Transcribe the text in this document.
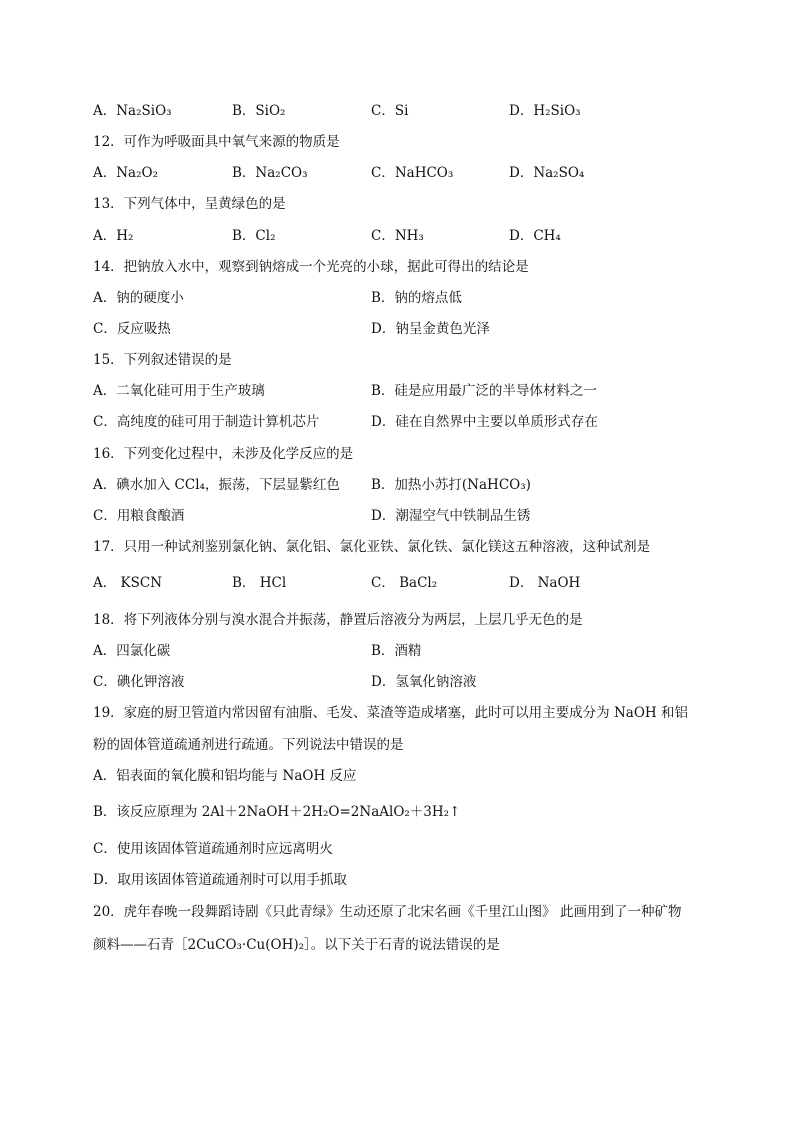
A．Na₂SiO₃	B．SiO₂	C．Si	D．H₂SiO₃
12．可作为呼吸面具中氧气来源的物质是
A．Na₂O₂	B．Na₂CO₃	C．NaHCO₃	D．Na₂SO₄
13．下列气体中，呈黄绿色的是
A．H₂	B．Cl₂	C．NH₃	D．CH₄
14．把钠放入水中，观察到钠熔成一个光亮的小球，据此可得出的结论是
A．钠的硬度小	B．钠的熔点低
C．反应吸热	D．钠呈金黄色光泽
15．下列叙述错误的是
A．二氧化硅可用于生产玻璃	B．硅是应用最广泛的半导体材料之一
C．高纯度的硅可用于制造计算机芯片	D．硅在自然界中主要以单质形式存在
16．下列变化过程中，未涉及化学反应的是
A．碘水加入 CCl₄，振荡，下层显紫红色 B．加热小苏打(NaHCO₃)
C．用粮食酿酒	D．潮湿空气中铁制品生锈
17．只用一种试剂鉴别氯化钠、氯化铝、氯化亚铁、氯化铁、氯化镁这五种溶液，这种试剂是
A． KSCN	B． HCl	C． BaCl₂	D． NaOH
18．将下列液体分别与溴水混合并振荡，静置后溶液分为两层，上层几乎无色的是
A．四氯化碳	B．酒精
C．碘化钾溶液	D．氢氧化钠溶液
19．家庭的厨卫管道内常因留有油脂、毛发、菜渣等造成堵塞，此时可以用主要成分为 NaOH 和铝
粉的固体管道疏通剂进行疏通。下列说法中错误的是
A．铝表面的氧化膜和铝均能与 NaOH 反应
B．该反应原理为 2Al＋2NaOH＋2H₂O=2NaAlO₂＋3H₂↑
C．使用该固体管道疏通剂时应远离明火
D．取用该固体管道疏通剂时可以用手抓取
20．虎年春晚一段舞蹈诗剧《只此青绿》生动还原了北宋名画《千里江山图》 此画用到了一种矿物
颜料——石青［2CuCO₃·Cu(OH)₂］。以下关于石青的说法错误的是
